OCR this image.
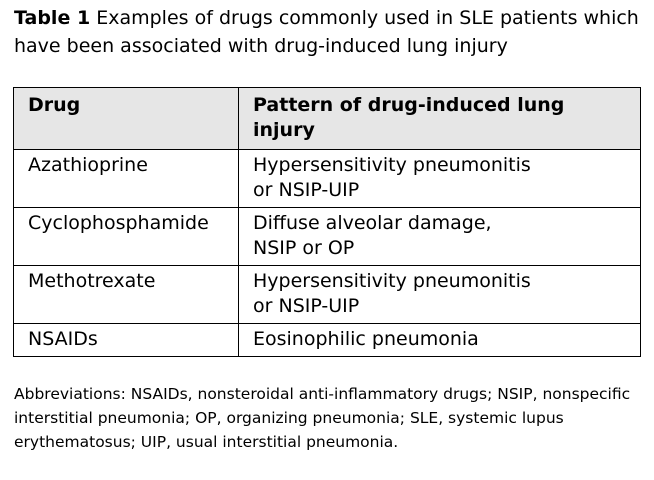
Table 1 Examples of drugs commonly used in SLE patients which have been associated with drug-induced lung injury
Drug	Pattern of drug-induced lung injury
Azathioprine	Hypersensitivity pneumonitis
or NSIP-UIP
Cyclophosphamide	Diffuse alveolar damage,
NSIP or OP
Methotrexate	Hypersensitivity pneumonitis
or NSIP-UIP
NSAIDs	Eosinophilic pneumonia
Abbreviations: NSAIDs, nonsteroidal anti-inflammatory drugs; NSIP, nonspecific interstitial pneumonia; OP, organizing pneumonia; SLE, systemic lupus erythematosus; UIP, usual interstitial pneumonia.
